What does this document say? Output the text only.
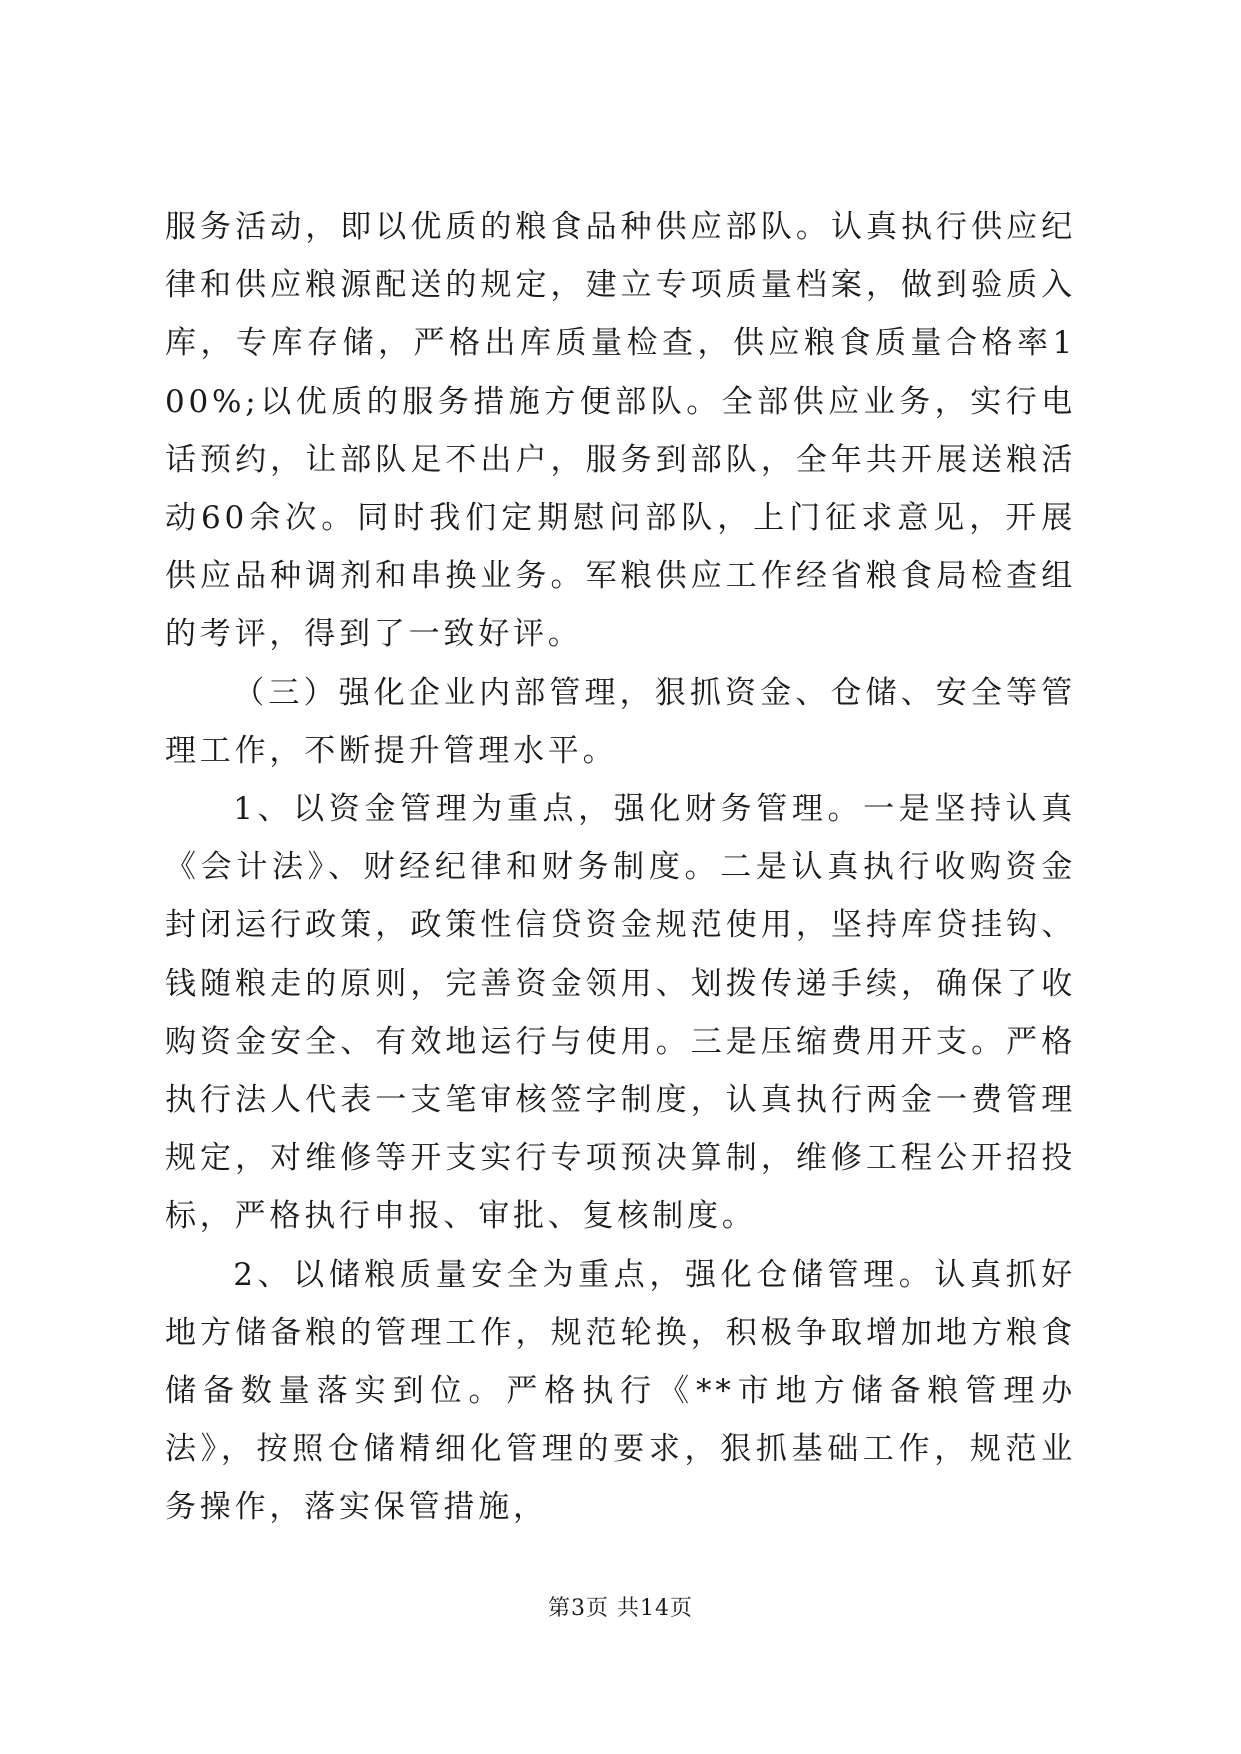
服务活动，即以优质的粮食品种供应部队。认真执行供应纪律和供应粮源配送的规定，建立专项质量档案，做到验质入库，专库存储，严格出库质量检查，供应粮食质量合格率100%;以优质的服务措施方便部队。全部供应业务，实行电话预约，让部队足不出户，服务到部队，全年共开展送粮活动60余次。同时我们定期慰问部队，上门征求意见，开展供应品种调剂和串换业务。军粮供应工作经省粮食局检查组的考评，得到了一致好评。

（三）强化企业内部管理，狠抓资金、仓储、安全等管理工作，不断提升管理水平。

1、以资金管理为重点，强化财务管理。一是坚持认真《会计法》、财经纪律和财务制度。二是认真执行收购资金封闭运行政策，政策性信贷资金规范使用，坚持库贷挂钩、钱随粮走的原则，完善资金领用、划拨传递手续，确保了收购资金安全、有效地运行与使用。三是压缩费用开支。严格执行法人代表一支笔审核签字制度，认真执行两金一费管理规定，对维修等开支实行专项预决算制，维修工程公开招投标，严格执行申报、审批、复核制度。

2、以储粮质量安全为重点，强化仓储管理。认真抓好地方储备粮的管理工作，规范轮换，积极争取增加地方粮食储备数量落实到位。严格执行《**市地方储备粮管理办法》，按照仓储精细化管理的要求，狠抓基础工作，规范业务操作，落实保管措施，

第3页 共14页
